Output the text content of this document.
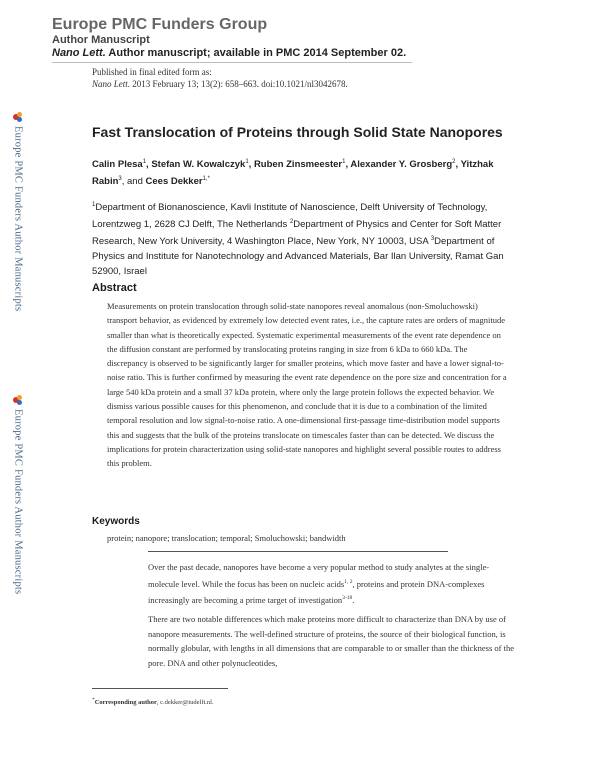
Europe PMC Funders Group
Author Manuscript
Nano Lett. Author manuscript; available in PMC 2014 September 02.
Published in final edited form as:
Nano Lett. 2013 February 13; 13(2): 658–663. doi:10.1021/nl3042678.
Europe PMC Funders Author Manuscripts
Europe PMC Funders Author Manuscripts
Fast Translocation of Proteins through Solid State Nanopores
Calin Plesa$^1$, Stefan W. Kowalczyk$^1$, Ruben Zinsmeester$^1$, Alexander Y. Grosberg$^2$, Yitzhak Rabin$^3$, and Cees Dekker$^{1,*}$
$^1$Department of Bionanoscience, Kavli Institute of Nanoscience, Delft University of Technology, Lorentzweg 1, 2628 CJ Delft, The Netherlands $^2$Department of Physics and Center for Soft Matter Research, New York University, 4 Washington Place, New York, NY 10003, USA $^3$Department of Physics and Institute for Nanotechnology and Advanced Materials, Bar Ilan University, Ramat Gan 52900, Israel
Abstract
Measurements on protein translocation through solid-state nanopores reveal anomalous (non-Smoluchowski) transport behavior, as evidenced by extremely low detected event rates, i.e., the capture rates are orders of magnitude smaller than what is theoretically expected. Systematic experimental measurements of the event rate dependence on the diffusion constant are performed by translocating proteins ranging in size from 6 kDa to 660 kDa. The discrepancy is observed to be significantly larger for smaller proteins, which move faster and have a lower signal-to-noise ratio. This is further confirmed by measuring the event rate dependence on the pore size and concentration for a large 540 kDa protein and a small 37 kDa protein, where only the large protein follows the expected behavior. We dismiss various possible causes for this phenomenon, and conclude that it is due to a combination of the limited temporal resolution and low signal-to-noise ratio. A one-dimensional first-passage time-distribution model supports this and suggests that the bulk of the proteins translocate on timescales faster than can be detected. We discuss the implications for protein characterization using solid-state nanopores and highlight several possible routes to address this problem.
Keywords
protein; nanopore; translocation; temporal; Smoluchowski; bandwidth
Over the past decade, nanopores have become a very popular method to study analytes at the single-molecule level. While the focus has been on nucleic acids$^{1, 2}$, proteins and protein DNA-complexes increasingly are becoming a prime target of investigation$^{3-18}$.
There are two notable differences which make proteins more difficult to characterize than DNA by use of nanopore measurements. The well-defined structure of proteins, the source of their biological function, is normally globular, with lengths in all dimensions that are comparable to or smaller than the thickness of the pore. DNA and other polynucleotides,
*Corresponding author, c.dekker@tudelft.nl.
